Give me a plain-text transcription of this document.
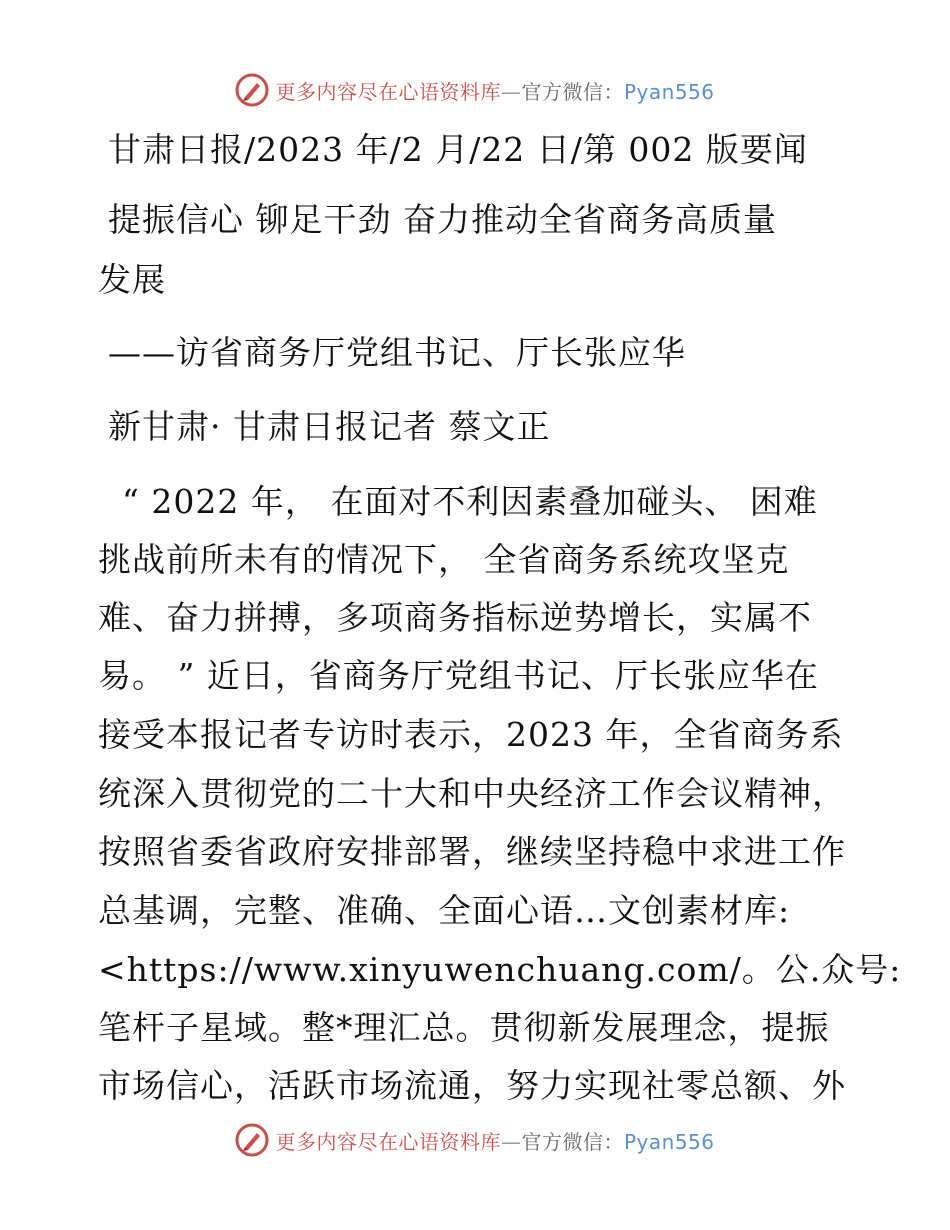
更多内容尽在心语资料库—官方微信：Pyan556
甘肃日报/2023 年/2 月/22 日/第 002 版要闻
提振信心 铆足干劲 奋力推动全省商务高质量
发展
——访省商务厅党组书记、厅长张应华
新甘肃· 甘肃日报记者 蔡文正
“ 2022 年， 在面对不利因素叠加碰头、 困难
挑战前所未有的情况下， 全省商务系统攻坚克
难、奋力拼搏，多项商务指标逆势增长，实属不
易。 ” 近日，省商务厅党组书记、厅长张应华在
接受本报记者专访时表示，2023 年，全省商务系
统深入贯彻党的二十大和中央经济工作会议精神，
按照省委省政府安排部署，继续坚持稳中求进工作
总基调，完整、准确、全面心语…文创素材库:
<https://www.xinyuwenchuang.com/。公.众号:
笔杆子星域。整*理汇总。贯彻新发展理念，提振
市场信心，活跃市场流通，努力实现社零总额、外
更多内容尽在心语资料库—官方微信：Pyan556
